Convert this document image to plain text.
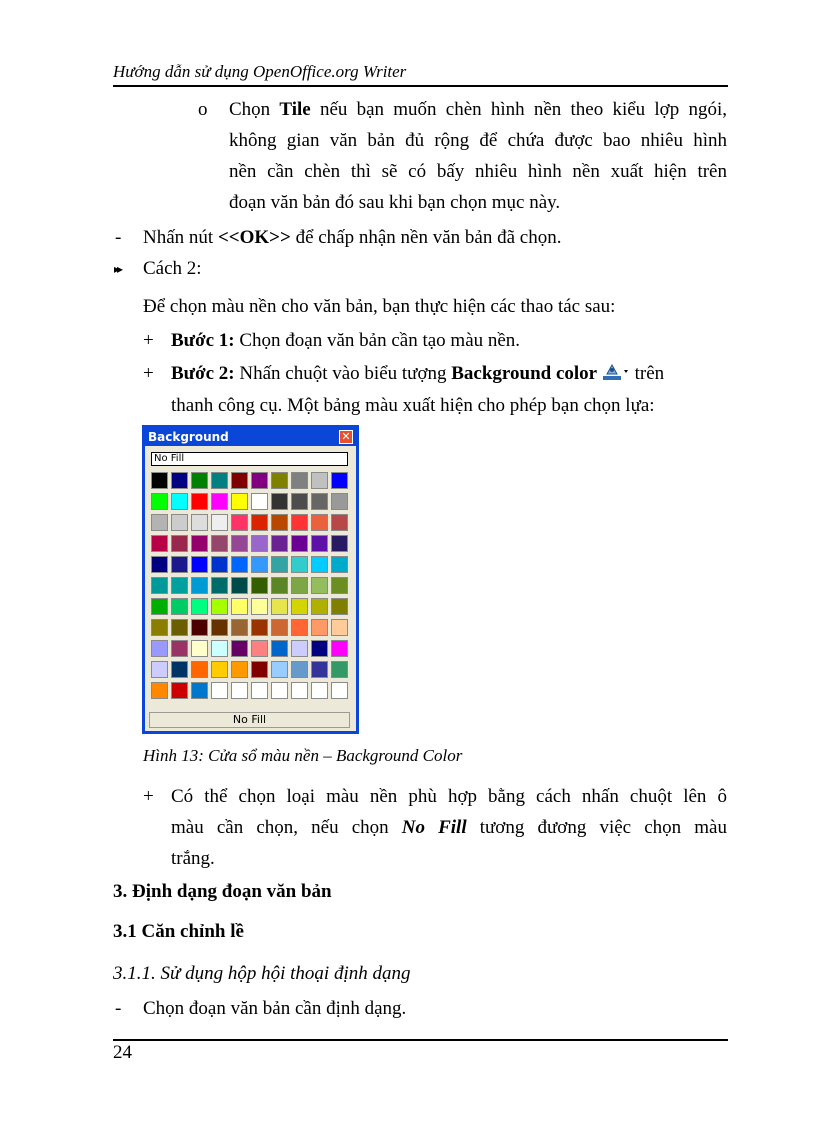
Hướng dẫn sử dụng OpenOffice.org Writer
o Chọn Tile nếu bạn muốn chèn hình nền theo kiểu lợp ngói,
không gian văn bản đủ rộng để chứa được bao nhiêu hình
nền cần chèn thì sẽ có bấy nhiêu hình nền xuất hiện trên
đoạn văn bản đó sau khi bạn chọn mục này.
- Nhấn nút <<OK>> để chấp nhận nền văn bản đã chọn.
▸▸ Cách 2:
Để chọn màu nền cho văn bản, bạn thực hiện các thao tác sau:
+ Bước 1: Chọn đoạn văn bản cần tạo màu nền.
+ Bước 2: Nhấn chuột vào biểu tượng Background color  trên
thanh công cụ. Một bảng màu xuất hiện cho phép bạn chọn lựa:
Background	✕
No Fill
No Fill
Hình 13: Cửa sổ màu nền – Background Color
+ Có thể chọn loại màu nền phù hợp bằng cách nhấn chuột lên ô
màu cần chọn, nếu chọn No Fill tương đương việc chọn màu
trắng.
3. Định dạng đoạn văn bản
3.1 Căn chỉnh lề
3.1.1. Sử dụng hộp hội thoại định dạng
- Chọn đoạn văn bản cần định dạng.
24
